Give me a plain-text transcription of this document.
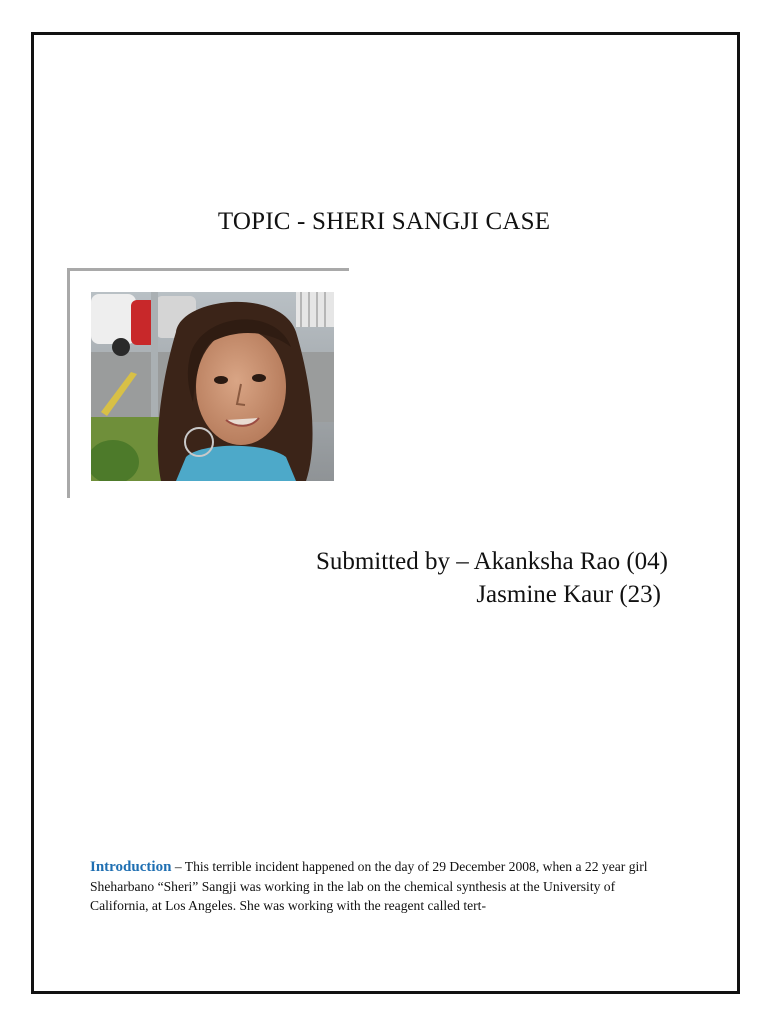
TOPIC - SHERI SANGJI CASE
Submitted by – Akanksha Rao (04)
Jasmine Kaur (23)
Introduction – This terrible incident happened on the day of 29 December 2008, when a 22 year girl Sheharbano “Sheri” Sangji was working in the lab on the chemical synthesis at the University of California, at Los Angeles. She was working with the reagent called tert-
